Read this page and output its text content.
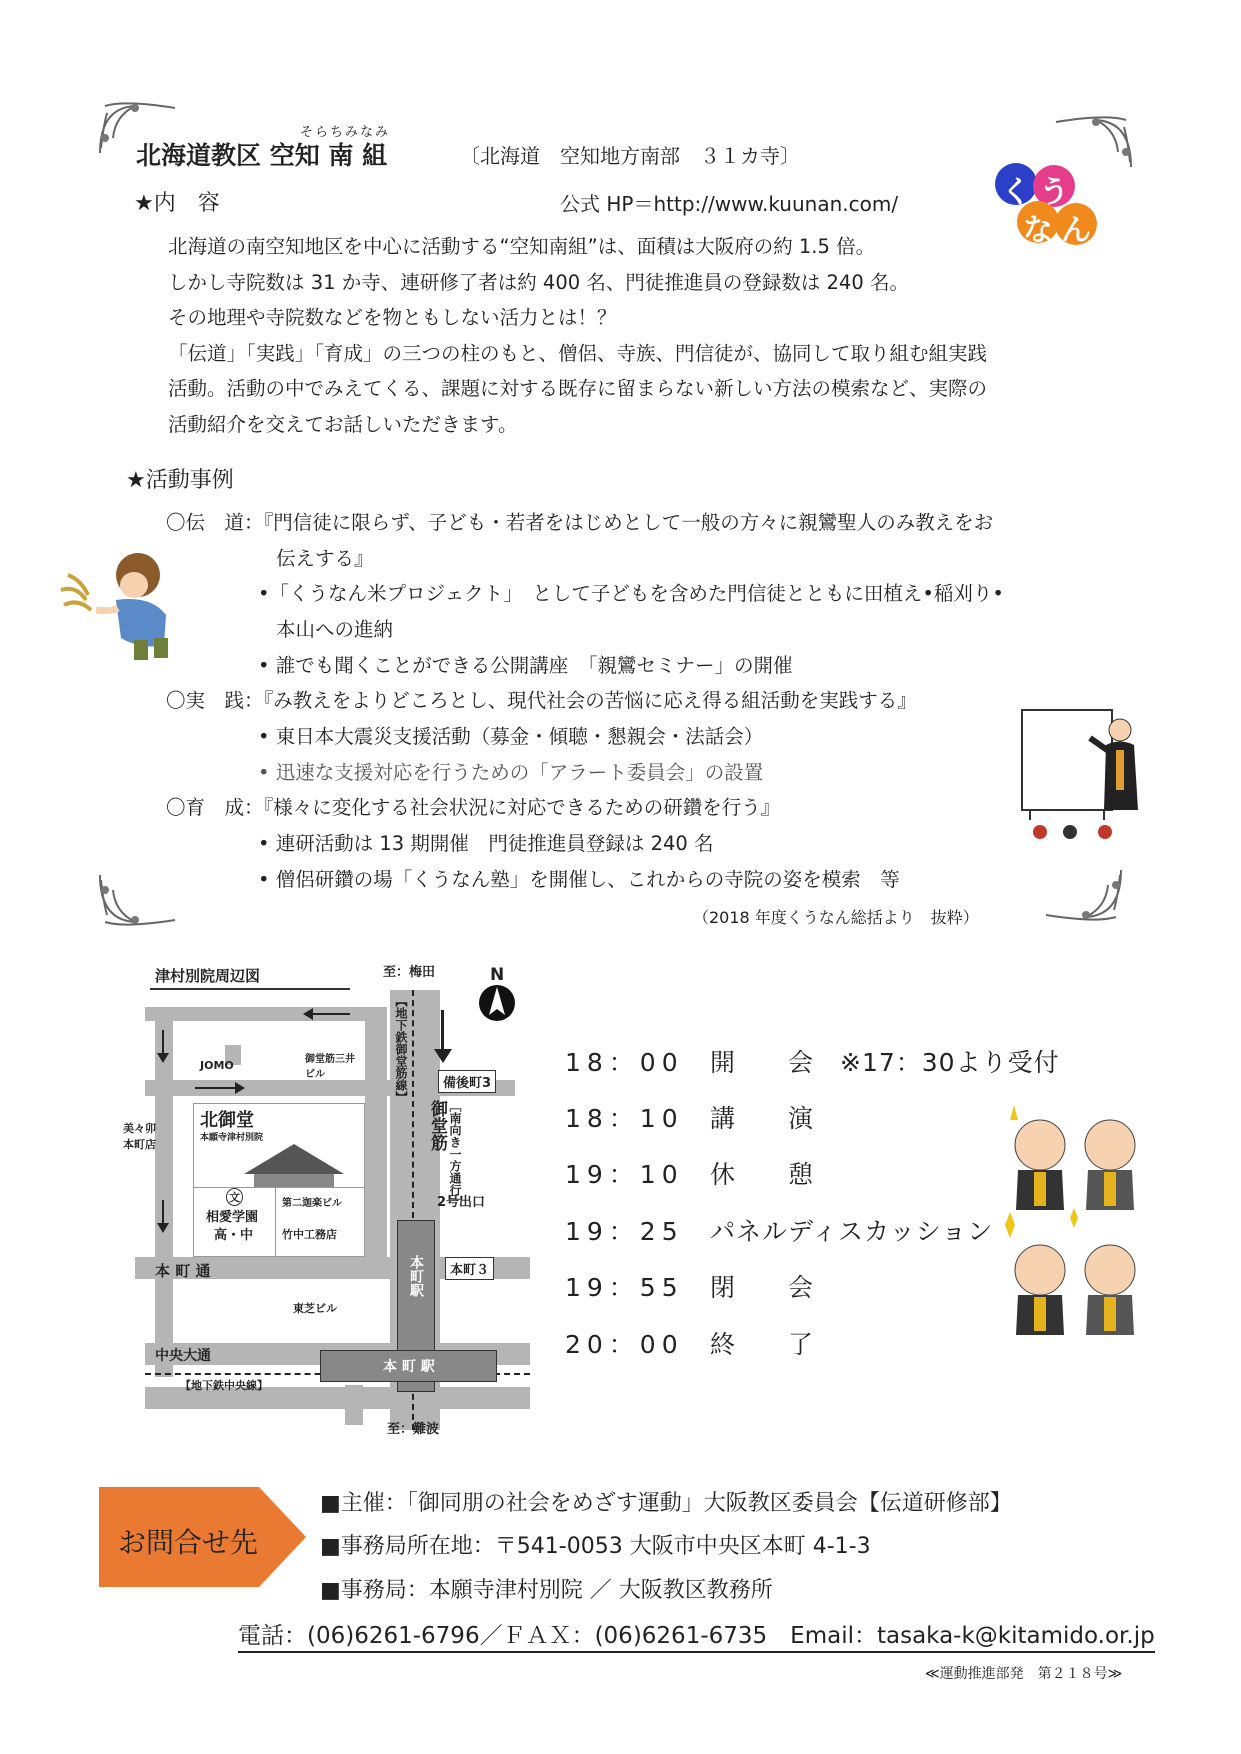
そらちみなみ
北海道教区 空知 南 組	〔北海道　空知地方南部　３１カ寺〕
くう
なん
★内　容	公式 HP＝http://www.kuunan.com/
北海道の南空知地区を中心に活動する“空知南組”は、面積は大阪府の約 1.5 倍。
しかし寺院数は 31 か寺、連研修了者は約 400 名、門徒推進員の登録数は 240 名。
その地理や寺院数などを物ともしない活力とは！？
「伝道」「実践」「育成」の三つの柱のもと、僧侶、寺族、門信徒が、協同して取り組む組実践
活動。活動の中でみえてくる、課題に対する既存に留まらない新しい方法の模索など、実際の
活動紹介を交えてお話しいただきます。
★活動事例
〇伝　道：『門信徒に限らず、子ども・若者をはじめとして一般の方々に親鸞聖人のみ教えをお
伝えする』
•「くうなん米プロジェクト」　として子どもを含めた門信徒とともに田植え•稲刈り•
本山への進納
• 誰でも聞くことができる公開講座　「親鸞セミナー」の開催
〇実　践：『み教えをよりどころとし、現代社会の苦悩に応え得る組活動を実践する』
• 東日本大震災支援活動（募金・傾聴・懇親会・法話会）
• 迅速な支援対応を行うための「アラート委員会」の設置
〇育　成：『様々に変化する社会状況に対応できるための研鑽を行う』
• 連研活動は 13 期開催　門徒推進員登録は 240 名
• 僧侶研鑽の場「くうなん塾」を開催し、これからの寺院の姿を模索　等
（2018 年度くうなん総括より　抜粋）
津村別院周辺図	至：梅田	N
【地下鉄御堂筋線】	備後町3
御堂筋 ［南向き一方通行］
JOMO	御堂筋三井ビル
美々卯本町店
北御堂
本願寺津村別院
文
相愛学園
高・中
第二迦楽ビル
竹中工務店
2号出口
本 町 通	本町駅	本町３
東芝ビル
中央大通
【地下鉄中央線】
本 町 駅
至：難波
18：00 開　　会　※17：30より受付
18：10 講　　演
19：10 休　　憩
19：25 パネルディスカッション
19：55 閉　　会
20：00 終　　了
お問合せ先
■主催：「御同朋の社会をめざす運動」大阪教区委員会【伝道研修部】
■事務局所在地：〒541-0053 大阪市中央区本町 4-1-3
■事務局：本願寺津村別院 ／ 大阪教区教務所
電話：(06)6261-6796／ＦＡＸ：(06)6261-6735　Email：tasaka-k@kitamido.or.jp
≪運動推進部発　第２１８号≫
